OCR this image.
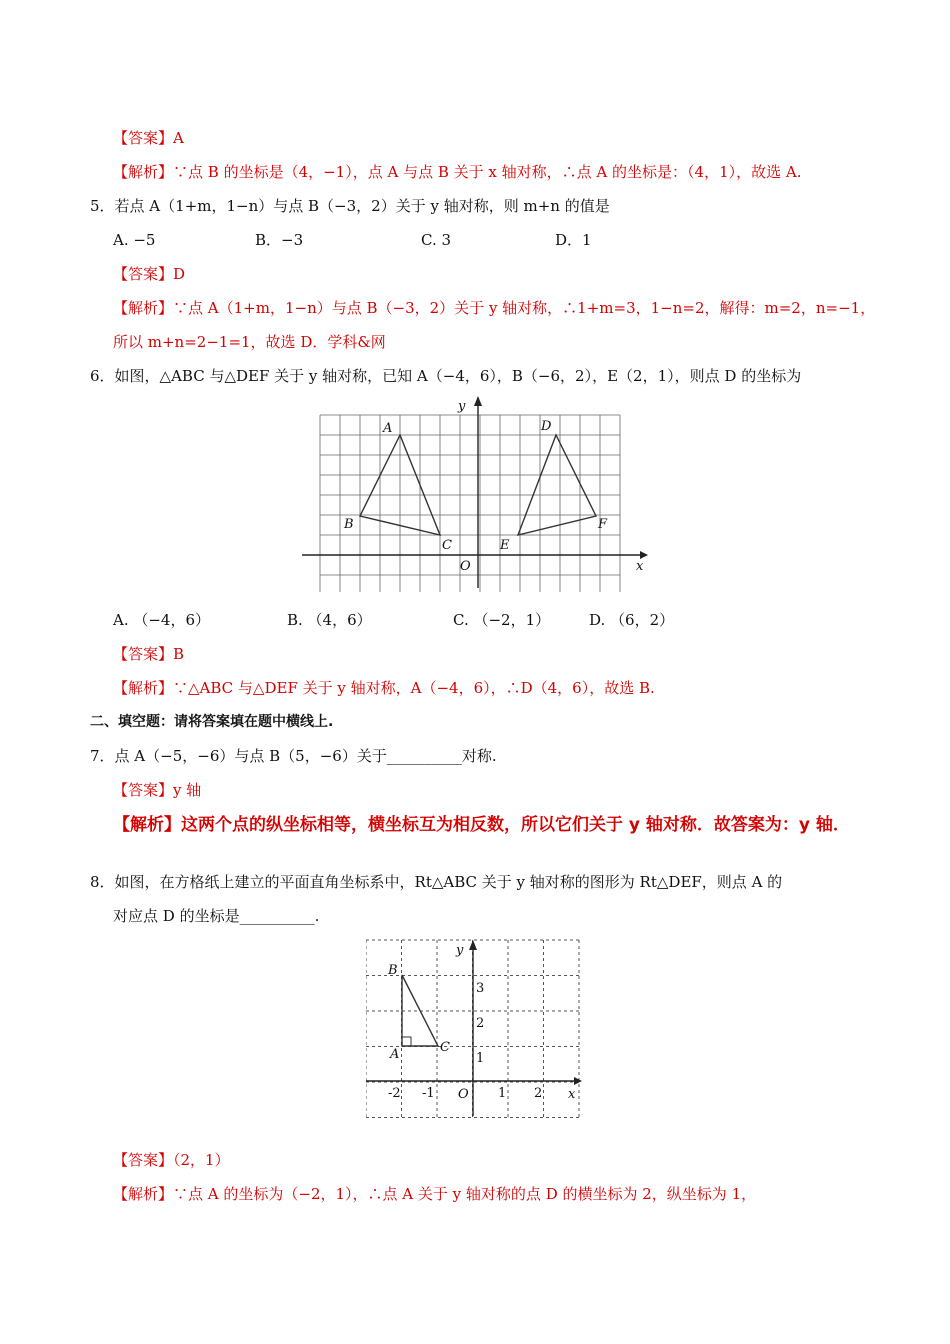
【答案】A
【解析】∵点 B 的坐标是（4，−1），点 A 与点 B 关于 x 轴对称，∴点 A 的坐标是：（4，1），故选 A.
5．若点 A（1+m，1−n）与点 B（−3，2）关于 y 轴对称，则 m+n 的值是
A. −5	B．−3	C. 3	D．1
【答案】D
【解析】∵点 A（1+m，1−n）与点 B（−3，2）关于 y 轴对称，∴1+m=3，1−n=2，解得：m=2，n=−1，
所以 m+n=2−1=1，故选 D．学科&网
6．如图，△ABC 与△DEF 关于 y 轴对称，已知 A（−4，6），B（−6，2），E（2，1），则点 D 的坐标为
y
x
O
A
B
C
D
E
F
A. （−4，6）	B. （4，6）	C. （−2，1）	D. （6，2）
【答案】B
【解析】∵△ABC 与△DEF 关于 y 轴对称，A（−4，6），∴D（4，6），故选 B.
二、填空题：请将答案填在题中横线上.
7．点 A（−5，−6）与点 B（5，−6）关于__________对称.
【答案】y 轴
【解析】这两个点的纵坐标相等，横坐标互为相反数，所以它们关于 y 轴对称．故答案为：y 轴．
8．如图，在方格纸上建立的平面直角坐标系中，Rt△ABC 关于 y 轴对称的图形为 Rt△DEF，则点 A 的
对应点 D 的坐标是__________.
y
x
O
A
B
C
-2 -1	1 2
1
2
3
【答案】（2，1）
【解析】∵点 A 的坐标为（−2，1），∴点 A 关于 y 轴对称的点 D 的横坐标为 2，纵坐标为 1，
